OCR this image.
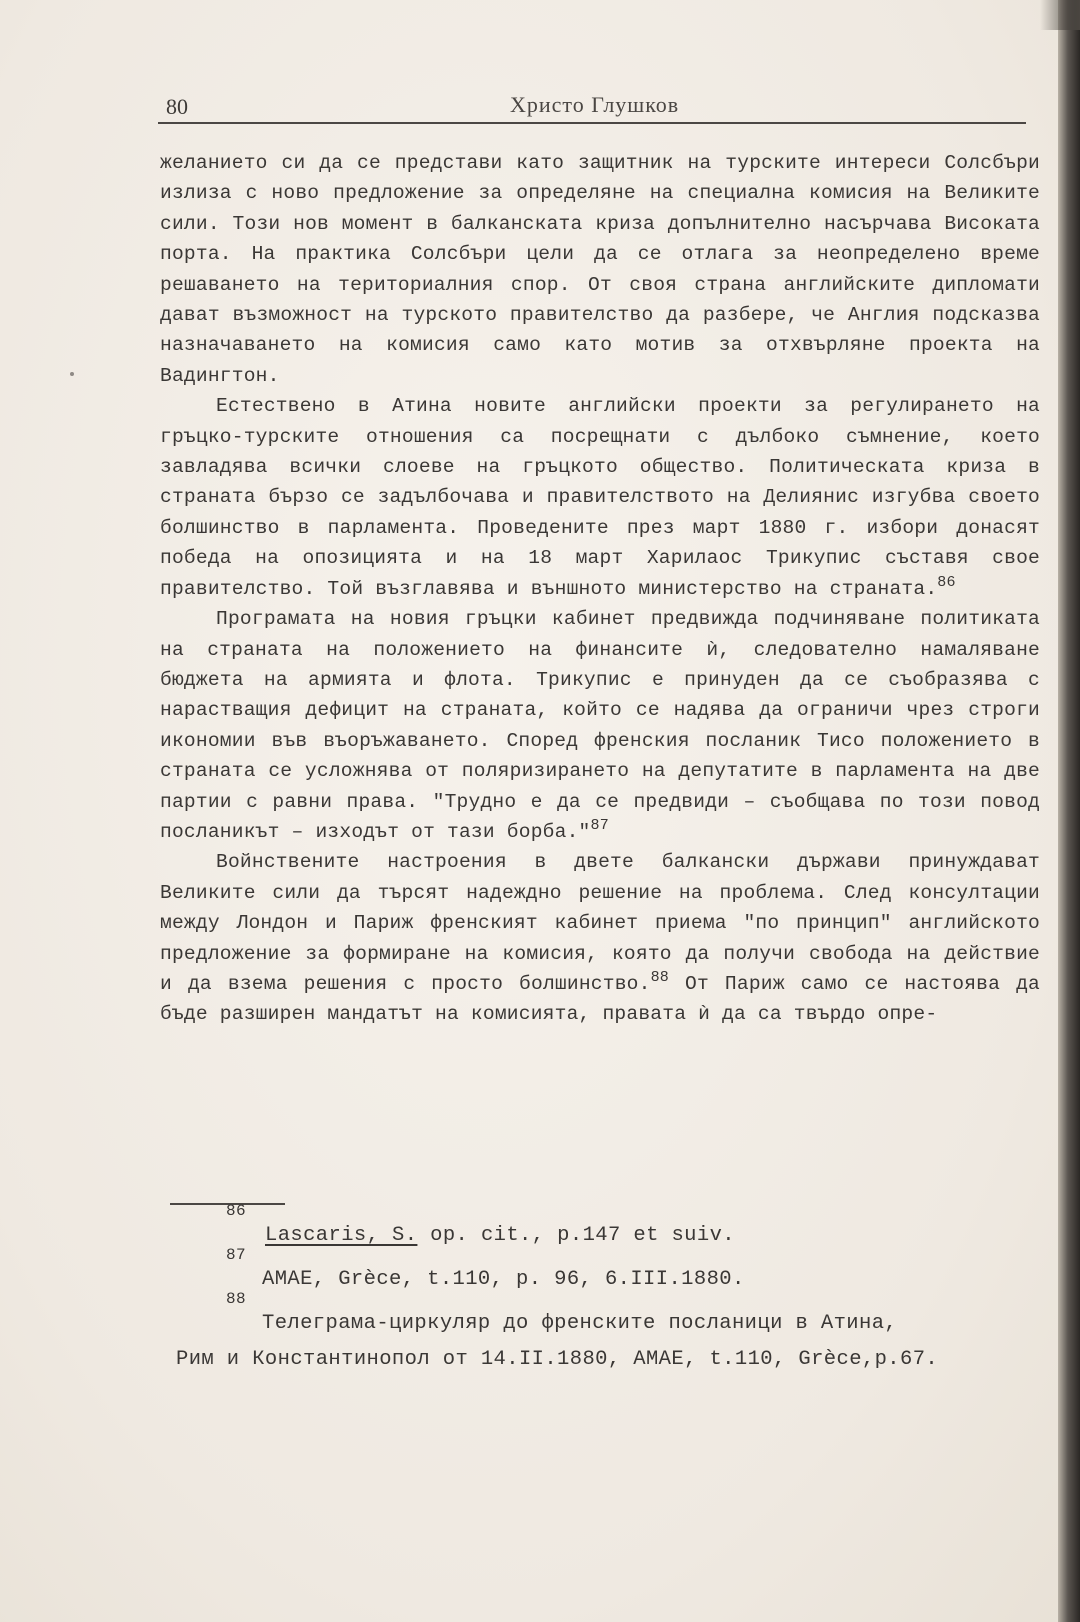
80	Христо Глушков

желанието си да се представи като защитник на турските интереси Солсбъри излиза с ново предложение за определяне на специална комисия на Великите сили. Този нов момент в балканската криза допълнително насърчава Високата порта. На практика Солсбъри цели да се отлага за неопределено време решаването на териториалния спор. От своя страна английските дипломати дават възможност на турското правителство да разбере, че Англия подсказва назначаването на комисия само като мотив за отхвърляне проекта на Вадингтон.

Естествено в Атина новите английски проекти за регулирането на гръцко-турските отношения са посрещнати с дълбоко съмнение, което завладява всички слоеве на гръцкото общество. Политическата криза в страната бързо се задълбочава и правителството на Делиянис изгубва своето болшинство в парламента. Проведените през март 1880 г. избори донасят победа на опозицията и на 18 март Харилаос Трикупис съставя свое правителство. Той възглавява и външното министерство на страната.$^{86}$

Програмата на новия гръцки кабинет предвижда подчиняване политиката на страната на положението на финансите ѝ, следователно намаляване бюджета на армията и флота. Трикупис е принуден да се съобразява с нарастващия дефицит на страната, който се надява да ограничи чрез строги икономии във въоръжаването. Според френския посланик Тисо положението в страната се усложнява от поляризирането на депутатите в парламента на две партии с равни права. "Трудно е да се предвиди – съобщава по този повод посланикът – изходът от тази борба."$^{87}$

Войнствените настроения в двете балкански държави принуждават Великите сили да търсят надеждно решение на проблема. След консултации между Лондон и Париж френският кабинет приема "по принцип" английското предложение за формиране на комисия, която да получи свобода на действие и да взема решения с просто болшинство.$^{88}$ От Париж само се настоява да бъде разширен мандатът на комисията, правата ѝ да са твърдо опре-

86
Lascaris, S. op. cit., p.147 et suiv.
87
AMAE, Grèce, t.110, p. 96, 6.III.1880.
88
Телеграма-циркуляр до френските посланици в Атина,
Рим и Константинопол от 14.II.1880, AMAE, t.110, Grèce,p.67.
